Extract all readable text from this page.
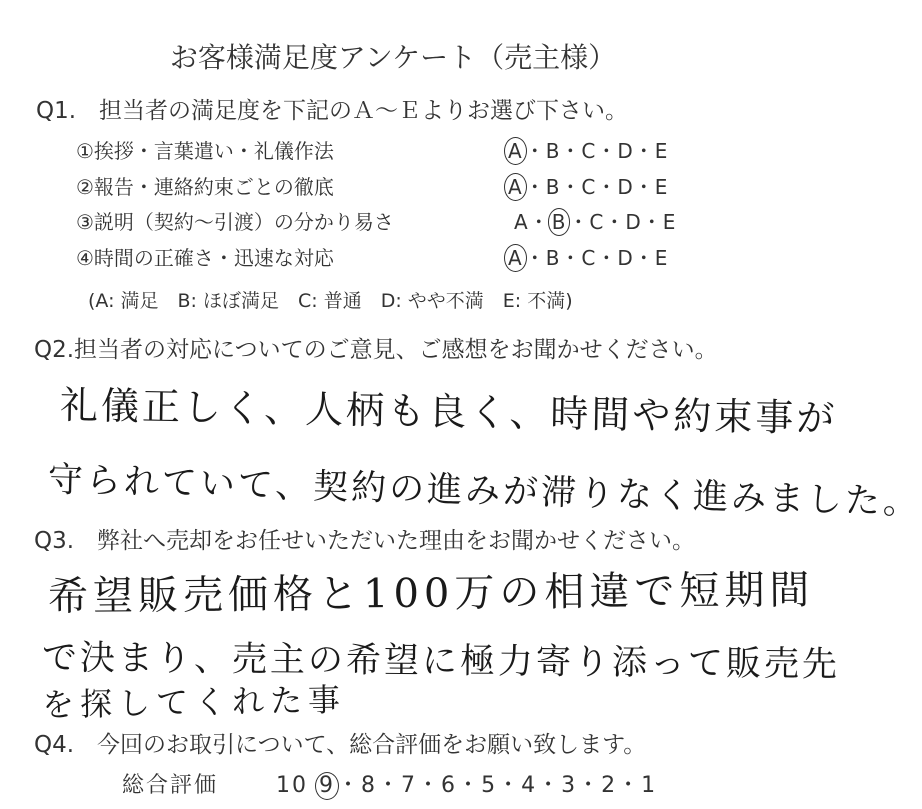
お客様満足度アンケート（売主様）
Q1.　担当者の満足度を下記のＡ～Ｅよりお選び下さい。
①挨拶・言葉遣い・礼儀作法	A ・B・C・D・E
②報告・連絡約束ごとの徹底	A ・B・C・D・E
③説明（契約～引渡）の分かり易さ	A・ B ・C・D・E
④時間の正確さ・迅速な対応	A ・B・C・D・E
(A: 満足　B: ほぼ満足　C: 普通　D: やや不満　E: 不満)
Q2.担当者の対応についてのご意見、ご感想をお聞かせください。
礼儀正しく、人柄も良く、時間や約束事が
守られていて、契約の進みが滞りなく進みました。
Q3.　弊社へ売却をお任せいただいた理由をお聞かせください。
希望販売価格と100万の相違で短期間
で決まり、売主の希望に極力寄り添って販売先
を探してくれた事
Q4.　今回のお取引について、総合評価をお願い致します。
総合評価	10 9・8・7・6・5・4・3・2・1
